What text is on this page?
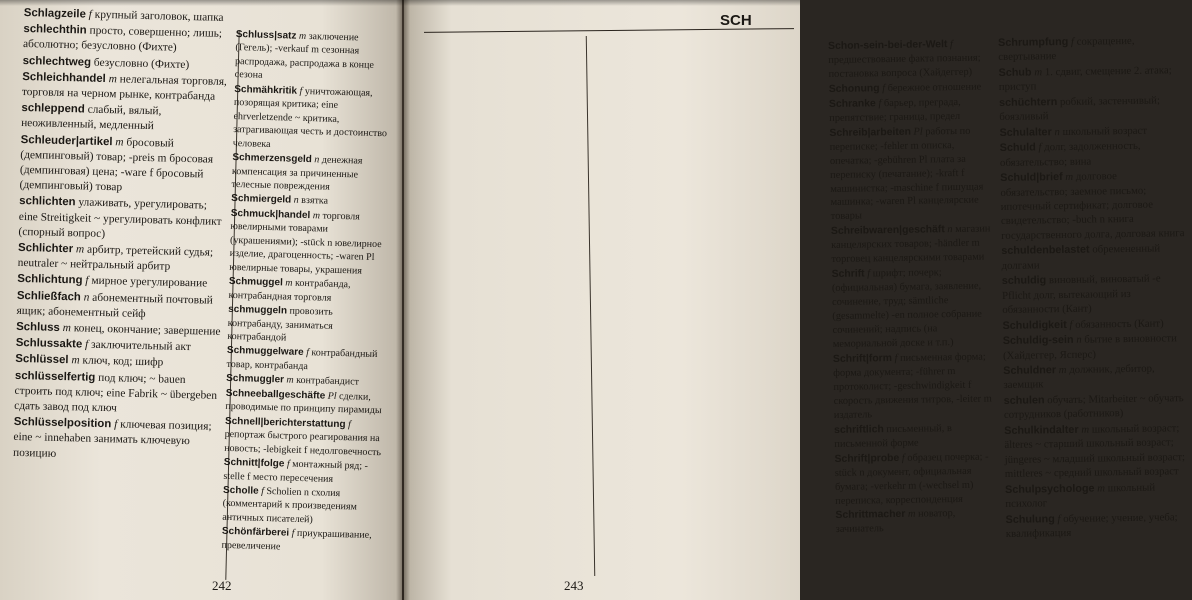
Schlagzeile f крупный заголовок, шапка
schlechthin просто, совершенно; лишь; абсолютно; безусловно (Фихте)
schlechtweg безусловно (Фихте)
Schleichhandel m нелегальная торговля, торговля на черном рынке, контрабанда
schleppend слабый, вялый, неоживленный, медленный
Schleuder|artikel m бросовый (демпинговый) товар; -preis m бросовая (демпинговая) цена; -ware f бросовый (демпинговый) товар
schlichten улаживать, урегулировать; eine Streitigkeit ~ урегулировать конфликт (спорный вопрос)
Schlichter m арбитр, третейский судья; neutraler ~ нейтральный арбитр
Schlichtung f мирное урегулирование
Schließfach n абонементный почтовый ящик; абонементный сейф
Schluss m конец, окончание; завершение
Schlussakte f заключительный акт
Schlüssel m ключ, код; шифр
schlüsselfertig под ключ; ~ bauen строить под ключ; eine Fabrik ~ übergeben сдать завод под ключ
Schlüsselposition f ключевая позиция; eine ~ innehaben занимать ключевую позицию
Schluss|satz m заключение (Гегель); -verkauf m сезонная распродажа, распродажа в конце сезона
Schmähkritik f уничтожающая, позорящая критика; eine ehrverletzende ~ критика, затрагивающая честь и достоинство человека
Schmerzensgeld n денежная компенсация за причиненные телесные повреждения
Schmiergeld n взятка
Schmuck|handel m торговля ювелирными товарами (украшениями); -stück n ювелирное изделие, драгоценность; -waren Pl ювелирные товары, украшения
Schmuggel m контрабанда, контрабандная торговля
schmuggeln провозить контрабанду, заниматься контрабандой
Schmuggelware f контрабандный товар, контрабанда
Schmuggler m контрабандист
Schneeballgeschäfte Pl сделки, проводимые по принципу пирамиды
Schnell|berichterstattung f репортаж быстрого реагирования на новость; -lebigkeit f недолговечность
Schnitt|folge f монтажный ряд; -stelle f место пересечения
Scholle f Scholien n схолия (комментарий к произведениям античных писателей)
Schönfärberei f приукрашивание, превеличение
242
Schon-sein-bei-der-Welt f предшествование факта познания; постановка вопроса (Хайдеггер)
Schonung f бережное отношение
Schranke f барьер, преграда, препятствие; граница, предел
Schreib|arbeiten Pl работы по переписке; -fehler m описка, опечатка; -gebühren Pl плата за переписку (печатание); -kraft f машинистка; -maschine f пишущая машинка; -waren Pl канцелярские товары
Schreibwaren|geschäft n магазин канцелярских товаров; -händler m торговец канцелярскими товарами
Schrift f шрифт; почерк; (официальная) бумага, заявление, сочинение, труд; sämtliche (gesammelte) -en полное собрание сочинений; надпись (на мемориальной доске и т.п.)
Schrift|form f письменная форма; форма документа; -führer m протоколист; -geschwindigkeit f скорость движения титров, -leiter m издатель
schriftlich письменный, в письменной форме
Schrift|probe f образец почерка; -stück n документ, официальная бумага; -verkehr m (-wechsel m) переписка, корреспонденция
Schrittmacher m новатор, зачинатель
Schrumpfung f сокращение, свертывание
Schub m 1. сдвиг, смещение 2. атака; приступ
schüchtern робкий, застенчивый; боязливый
Schulalter n школьный возраст
Schuld f долг, задолженность, обязательство; вина
Schuld|brief m долговое обязательство; заемное письмо; ипотечный сертификат; долговое свидетельство; -buch n книга государственного долга, долговая книга
schuldenbelastet обремененный долгами
schuldig виновный, виноватый -e Pflicht долг, вытекающий из обязанности (Кант)
Schuldigkeit f обязанность (Кант)
Schuldig-sein n бытие в виновности (Хайдеггер, Ясперс)
Schuldner m должник, дебитор, заемщик
schulen обучать; Mitarbeiter ~ обучать сотрудников (работников)
Schulkindalter m школьный возраст; älteres ~ старший школьный возраст; jüngeres ~ младший школьный возраст; mittleres ~ средний школьный возраст
Schulpsychologe m школьный психолог
Schulung f обучение; учение, учеба; квалификация
243
SCH
